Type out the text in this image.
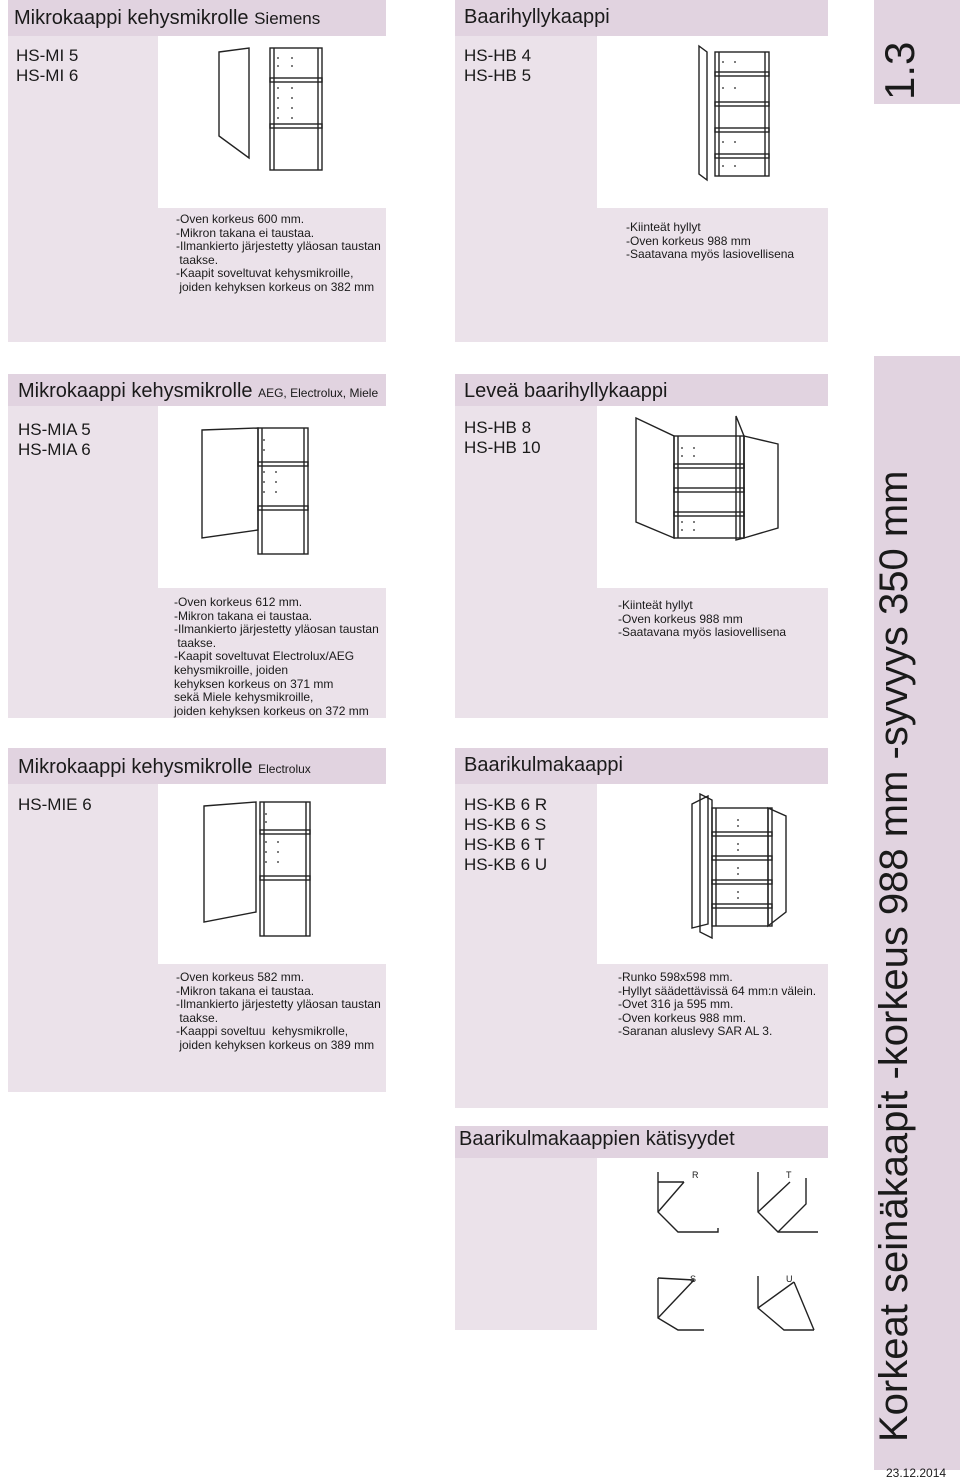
Mikrokaappi kehysmikrolle Siemens
HS-MI 5
HS-MI 6
-Oven korkeus 600 mm.
-Mikron takana ei taustaa.
-Ilmankierto järjestetty yläosan taustan
taakse.
-Kaapit soveltuvat kehysmikroille,
joiden kehyksen korkeus on 382 mm
Baarihyllykaappi
HS-HB 4
HS-HB 5
-Kiinteät hyllyt
-Oven korkeus 988 mm
-Saatavana myös lasiovellisena
Mikrokaappi kehysmikrolle AEG, Electrolux, Miele
HS-MIA 5
HS-MIA 6
-Oven korkeus 612 mm.
-Mikron takana ei taustaa.
-Ilmankierto järjestetty yläosan taustan
taakse.
-Kaapit soveltuvat Electrolux/AEG
kehysmikroille, joiden
kehyksen korkeus on 371 mm
sekä Miele kehysmikroille,
joiden kehyksen korkeus on 372 mm
Leveä baarihyllykaappi
HS-HB 8
HS-HB 10
-Kiinteät hyllyt
-Oven korkeus 988 mm
-Saatavana myös lasiovellisena
Mikrokaappi kehysmikrolle Electrolux
HS-MIE 6
-Oven korkeus 582 mm.
-Mikron takana ei taustaa.
-Ilmankierto järjestetty yläosan taustan
taakse.
-Kaappi soveltuu  kehysmikrolle,
joiden kehyksen korkeus on 389 mm
Baarikulmakaappi
HS-KB 6 R
HS-KB 6 S
HS-KB 6 T
HS-KB 6 U
-Runko 598x598 mm.
-Hyllyt säädettävissä 64 mm:n välein.
-Ovet 316 ja 595 mm.
-Oven korkeus 988 mm.
-Saranan aluslevy SAR AL 3.
Baarikulmakaappien kätisyydet
1.3
Korkeat seinäkaapit -korkeus 988 mm -syvyys 350 mm
23.12.2014
R	T
S	U
